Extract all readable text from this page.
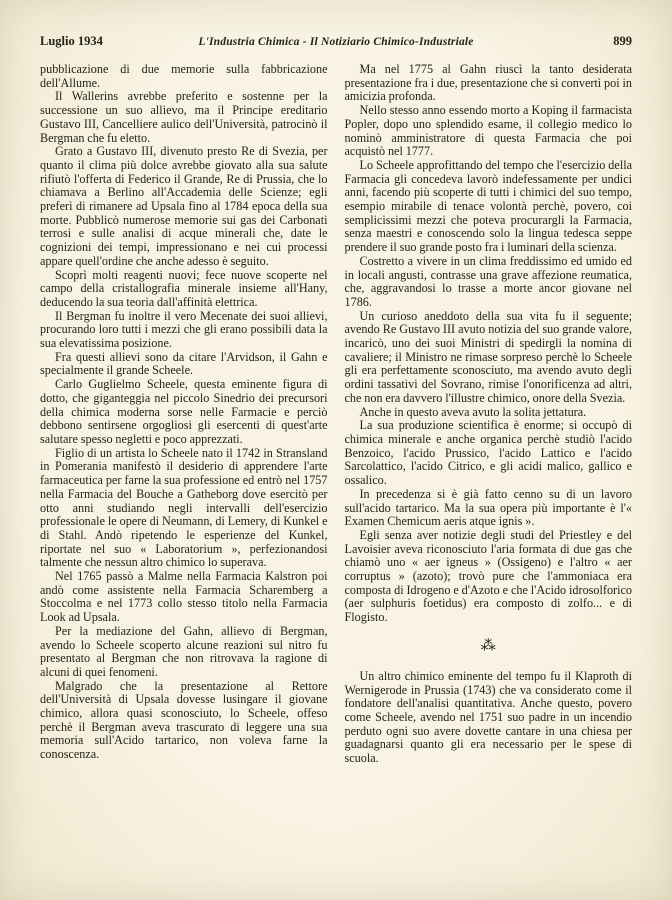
Luglio 1934	L'Industria Chimica - Il Notiziario Chimico-Industriale	899

pubblicazione di due memorie sulla fabbricazione dell'Allume.

Il Wallerins avrebbe preferito e sostenne per la successione un suo allievo, ma il Principe ereditario Gustavo III, Cancelliere aulico dell'Università, patrocinò il Bergman che fu eletto.

Grato a Gustavo III, divenuto presto Re di Svezia, per quanto il clima più dolce avrebbe giovato alla sua salute rifiutò l'offerta di Federico il Grande, Re di Prussia, che lo chiamava a Berlino all'Accademia delle Scienze; egli preferì di rimanere ad Upsala fino al 1784 epoca della sua morte. Pubblicò numerose memorie sui gas dei Carbonati terrosi e sulle analisi di acque minerali che, date le cognizioni dei tempi, impressionano e nei cui processi appare quell'ordine che anche adesso è seguito.

Scoprì molti reagenti nuovi; fece nuove scoperte nel campo della cristallografia minerale insieme all'Hany, deducendo la sua teoria dall'affinità elettrica.

Il Bergman fu inoltre il vero Mecenate dei suoi allievi, procurando loro tutti i mezzi che gli erano possibili data la sua elevatissima posizione.

Fra questi allievi sono da citare l'Arvidson, il Gahn e specialmente il grande Scheele.

Carlo Guglielmo Scheele, questa eminente figura di dotto, che giganteggia nel piccolo Sinedrio dei precursori della chimica moderna sorse nelle Farmacie e perciò debbono sentirsene orgogliosi gli esercenti di quest'arte salutare spesso negletti e poco apprezzati.

Figlio di un artista lo Scheele nato il 1742 in Stransland in Pomerania manifestò il desiderio di apprendere l'arte farmaceutica per farne la sua professione ed entrò nel 1757 nella Farmacia del Bouche a Gatheborg dove esercitò per otto anni studiando negli intervalli dell'esercizio professionale le opere di Neumann, di Lemery, di Kunkel e di Stahl. Andò ripetendo le esperienze del Kunkel, riportate nel suo « Laboratorium », perfezionandosi talmente che nessun altro chimico lo superava.

Nel 1765 passò a Malme nella Farmacia Kalstron poi andò come assistente nella Farmacia Scharemberg a Stoccolma e nel 1773 collo stesso titolo nella Farmacia Look ad Upsala.

Per la mediazione del Gahn, allievo di Bergman, avendo lo Scheele scoperto alcune reazioni sul nitro fu presentato al Bergman che non ritrovava la ragione di alcuni di quei fenomeni.

Malgrado che la presentazione al Rettore dell'Università di Upsala dovesse lusingare il giovane chimico, allora quasi sconosciuto, lo Scheele, offeso perchè il Bergman aveva trascurato di leggere una sua memoria sull'Acido tartarico, non voleva farne la conoscenza.

Ma nel 1775 al Gahn riuscì la tanto desiderata presentazione fra i due, presentazione che si convertì poi in amicizia profonda.

Nello stesso anno essendo morto a Koping il farmacista Popler, dopo uno splendido esame, il collegio medico lo nominò amministratore di questa Farmacia che poi acquistò nel 1777.

Lo Scheele approfittando del tempo che l'esercizio della Farmacia gli concedeva lavorò indefessamente per undici anni, facendo più scoperte di tutti i chimici del suo tempo, esempio mirabile di tenace volontà perchè, povero, coi semplicissimi mezzi che poteva procurargli la Farmacia, senza maestri e conoscendo solo la lingua tedesca seppe prendere il suo grande posto fra i luminari della scienza.

Costretto a vivere in un clima freddissimo ed umido ed in locali angusti, contrasse una grave affezione reumatica, che, aggravandosi lo trasse a morte ancor giovane nel 1786.

Un curioso aneddoto della sua vita fu il seguente; avendo Re Gustavo III avuto notizia del suo grande valore, incaricò, uno dei suoi Ministri di spedirgli la nomina di cavaliere; il Ministro ne rimase sorpreso perchè lo Scheele gli era perfettamente sconosciuto, ma avendo avuto degli ordini tassativi del Sovrano, rimise l'onorificenza ad altri, che non era davvero l'illustre chimico, onore della Svezia.

Anche in questo aveva avuto la solita jettatura.

La sua produzione scientifica è enorme; si occupò di chimica minerale e anche organica perchè studiò l'acido Benzoico, l'acido Prussico, l'acido Lattico e l'acido Sarcolattico, l'acido Citrico, e gli acidi malico, gallico e ossalico.

In precedenza si è già fatto cenno su di un lavoro sull'acido tartarico. Ma la sua opera più importante è l'« Examen Chemicum aeris atque ignis ».

Egli senza aver notizie degli studi del Priestley e del Lavoisier aveva riconosciuto l'aria formata di due gas che chiamò uno « aer igneus » (Ossigeno) e l'altro « aer corruptus » (azoto); trovò pure che l'ammoniaca era composta di Idrogeno e d'Azoto e che l'Acido idrosolforico (aer sulphuris foetidus) era composto di zolfo... e di Flogisto.

⁂

Un altro chimico eminente del tempo fu il Klaproth di Wernigerode in Prussia (1743) che va considerato come il fondatore dell'analisi quantitativa. Anche questo, povero come Scheele, avendo nel 1751 suo padre in un incendio perduto ogni suo avere dovette cantare in una chiesa per guadagnarsi quanto gli era necessario per le spese di scuola.
